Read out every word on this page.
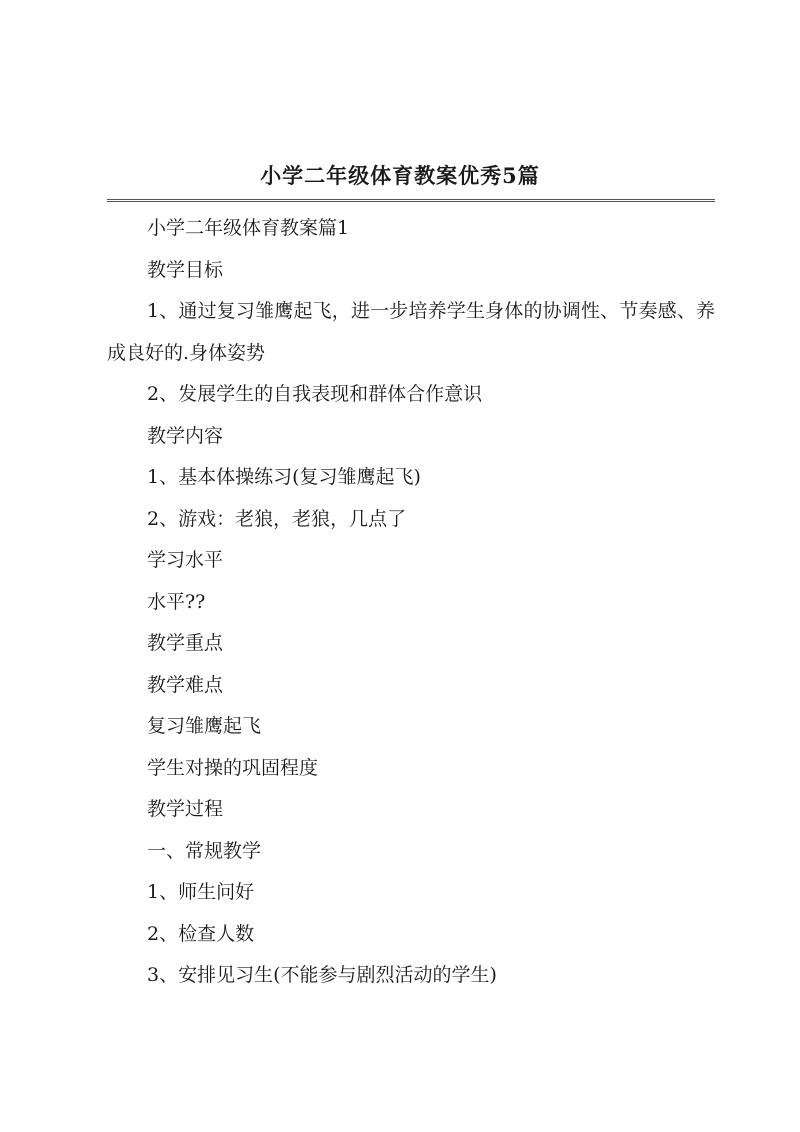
小学二年级体育教案优秀5篇

小学二年级体育教案篇1

教学目标

1、通过复习雏鹰起飞，进一步培养学生身体的协调性、节奏感、养成良好的.身体姿势

2、发展学生的自我表现和群体合作意识

教学内容

1、基本体操练习(复习雏鹰起飞)

2、游戏：老狼，老狼，几点了

学习水平

水平??

教学重点

教学难点

复习雏鹰起飞

学生对操的巩固程度

教学过程

一、常规教学

1、师生问好

2、检查人数

3、安排见习生(不能参与剧烈活动的学生)
